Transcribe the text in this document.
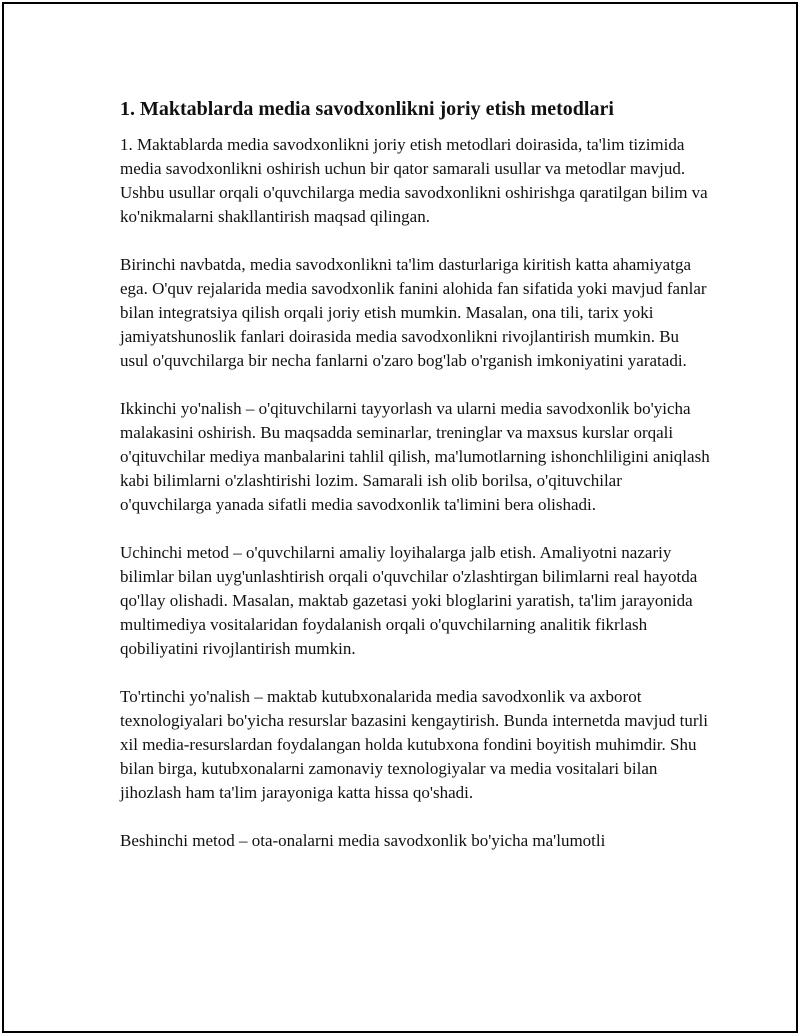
1. Maktablarda media savodxonlikni joriy etish metodlari

1. Maktablarda media savodxonlikni joriy etish metodlari doirasida, ta'lim tizimida media savodxonlikni oshirish uchun bir qator samarali usullar va metodlar mavjud. Ushbu usullar orqali o'quvchilarga media savodxonlikni oshirishga qaratilgan bilim va ko'nikmalarni shakllantirish maqsad qilingan.

Birinchi navbatda, media savodxonlikni ta'lim dasturlariga kiritish katta ahamiyatga ega. O'quv rejalarida media savodxonlik fanini alohida fan sifatida yoki mavjud fanlar bilan integratsiya qilish orqali joriy etish mumkin. Masalan, ona tili, tarix yoki jamiyatshunoslik fanlari doirasida media savodxonlikni rivojlantirish mumkin. Bu usul o'quvchilarga bir necha fanlarni o'zaro bog'lab o'rganish imkoniyatini yaratadi.

Ikkinchi yo'nalish – o'qituvchilarni tayyorlash va ularni media savodxonlik bo'yicha malakasini oshirish. Bu maqsadda seminarlar, treninglar va maxsus kurslar orqali o'qituvchilar mediya manbalarini tahlil qilish, ma'lumotlarning ishonchliligini aniqlash kabi bilimlarni o'zlashtirishi lozim. Samarali ish olib borilsa, o'qituvchilar o'quvchilarga yanada sifatli media savodxonlik ta'limini bera olishadi.

Uchinchi metod – o'quvchilarni amaliy loyihalarga jalb etish. Amaliyotni nazariy bilimlar bilan uyg'unlashtirish orqali o'quvchilar o'zlashtirgan bilimlarni real hayotda qo'llay olishadi. Masalan, maktab gazetasi yoki bloglarini yaratish, ta'lim jarayonida multimediya vositalaridan foydalanish orqali o'quvchilarning analitik fikrlash qobiliyatini rivojlantirish mumkin.

To'rtinchi yo'nalish – maktab kutubxonalarida media savodxonlik va axborot texnologiyalari bo'yicha resurslar bazasini kengaytirish. Bunda internetda mavjud turli xil media-resurslardan foydalangan holda kutubxona fondini boyitish muhimdir. Shu bilan birga, kutubxonalarni zamonaviy texnologiyalar va media vositalari bilan jihozlash ham ta'lim jarayoniga katta hissa qo'shadi.

Beshinchi metod – ota-onalarni media savodxonlik bo'yicha ma'lumotli
